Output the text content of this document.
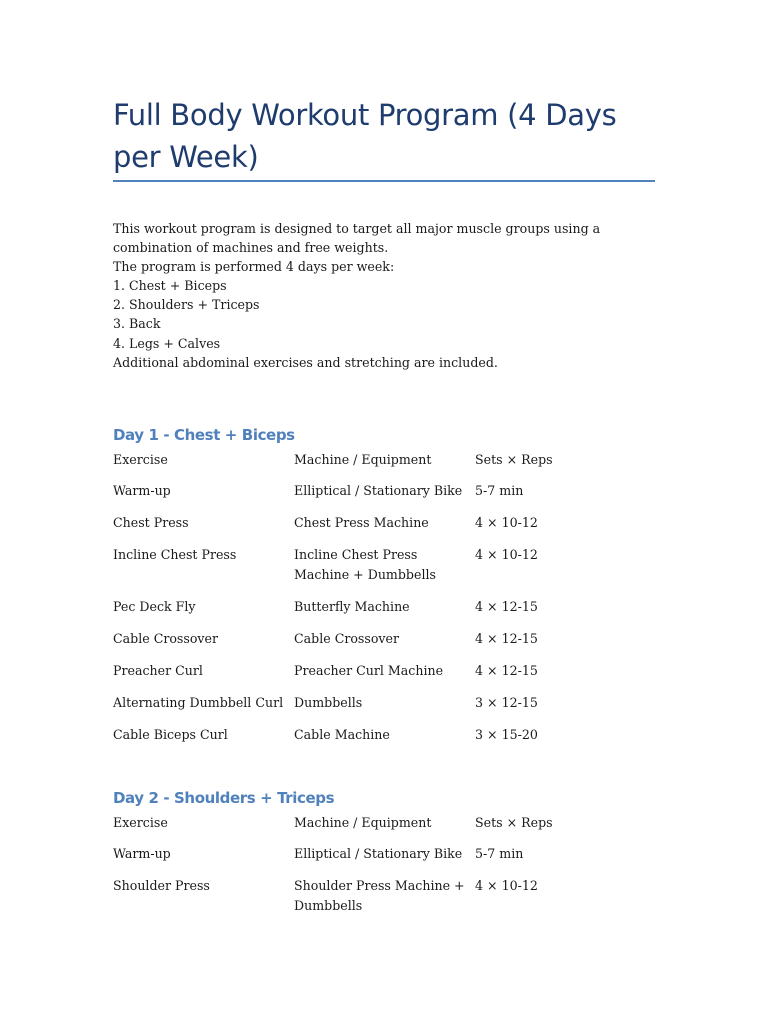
Full Body Workout Program (4 Days per Week)
This workout program is designed to target all major muscle groups using a combination of machines and free weights.
The program is performed 4 days per week:
1. Chest + Biceps
2. Shoulders + Triceps
3. Back
4. Legs + Calves
Additional abdominal exercises and stretching are included.
Day 1 - Chest + Biceps
Exercise	Machine / Equipment	Sets × Reps
Warm-up	Elliptical / Stationary Bike	5-7 min
Chest Press	Chest Press Machine	4 × 10-12
Incline Chest Press	Incline Chest Press Machine + Dumbbells	4 × 10-12
Pec Deck Fly	Butterfly Machine	4 × 12-15
Cable Crossover	Cable Crossover	4 × 12-15
Preacher Curl	Preacher Curl Machine	4 × 12-15
Alternating Dumbbell Curl	Dumbbells	3 × 12-15
Cable Biceps Curl	Cable Machine	3 × 15-20
Day 2 - Shoulders + Triceps
Exercise	Machine / Equipment	Sets × Reps
Warm-up	Elliptical / Stationary Bike	5-7 min
Shoulder Press	Shoulder Press Machine + Dumbbells	4 × 10-12
